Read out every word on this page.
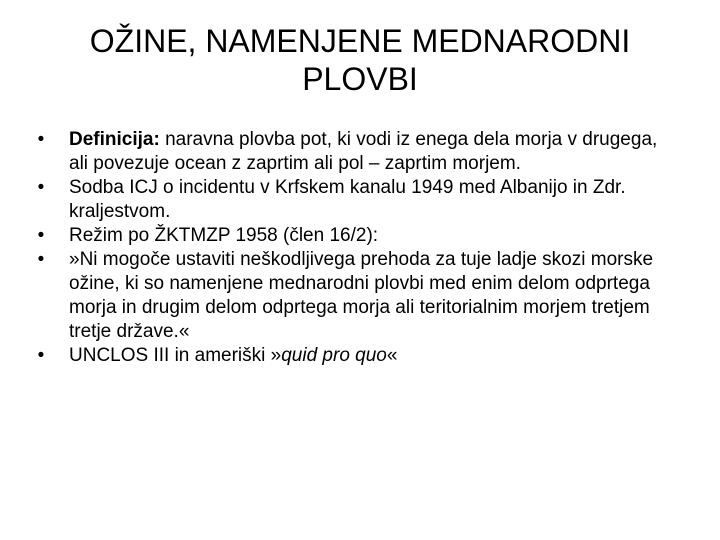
OŽINE, NAMENJENE MEDNARODNI
PLOVBI
• Definicija: naravna plovba pot, ki vodi iz enega dela morja v drugega, ali povezuje ocean z zaprtim ali pol – zaprtim morjem.
• Sodba ICJ o incidentu v Krfskem kanalu 1949 med Albanijo in Zdr. kraljestvom.
• Režim po ŽKTMZP 1958 (člen 16/2):
• »Ni mogoče ustaviti neškodljivega prehoda za tuje ladje skozi morske ožine, ki so namenjene mednarodni plovbi med enim delom odprtega morja in drugim delom odprtega morja ali teritorialnim morjem tretjem tretje države.«
• UNCLOS III in ameriški »quid pro quo«
